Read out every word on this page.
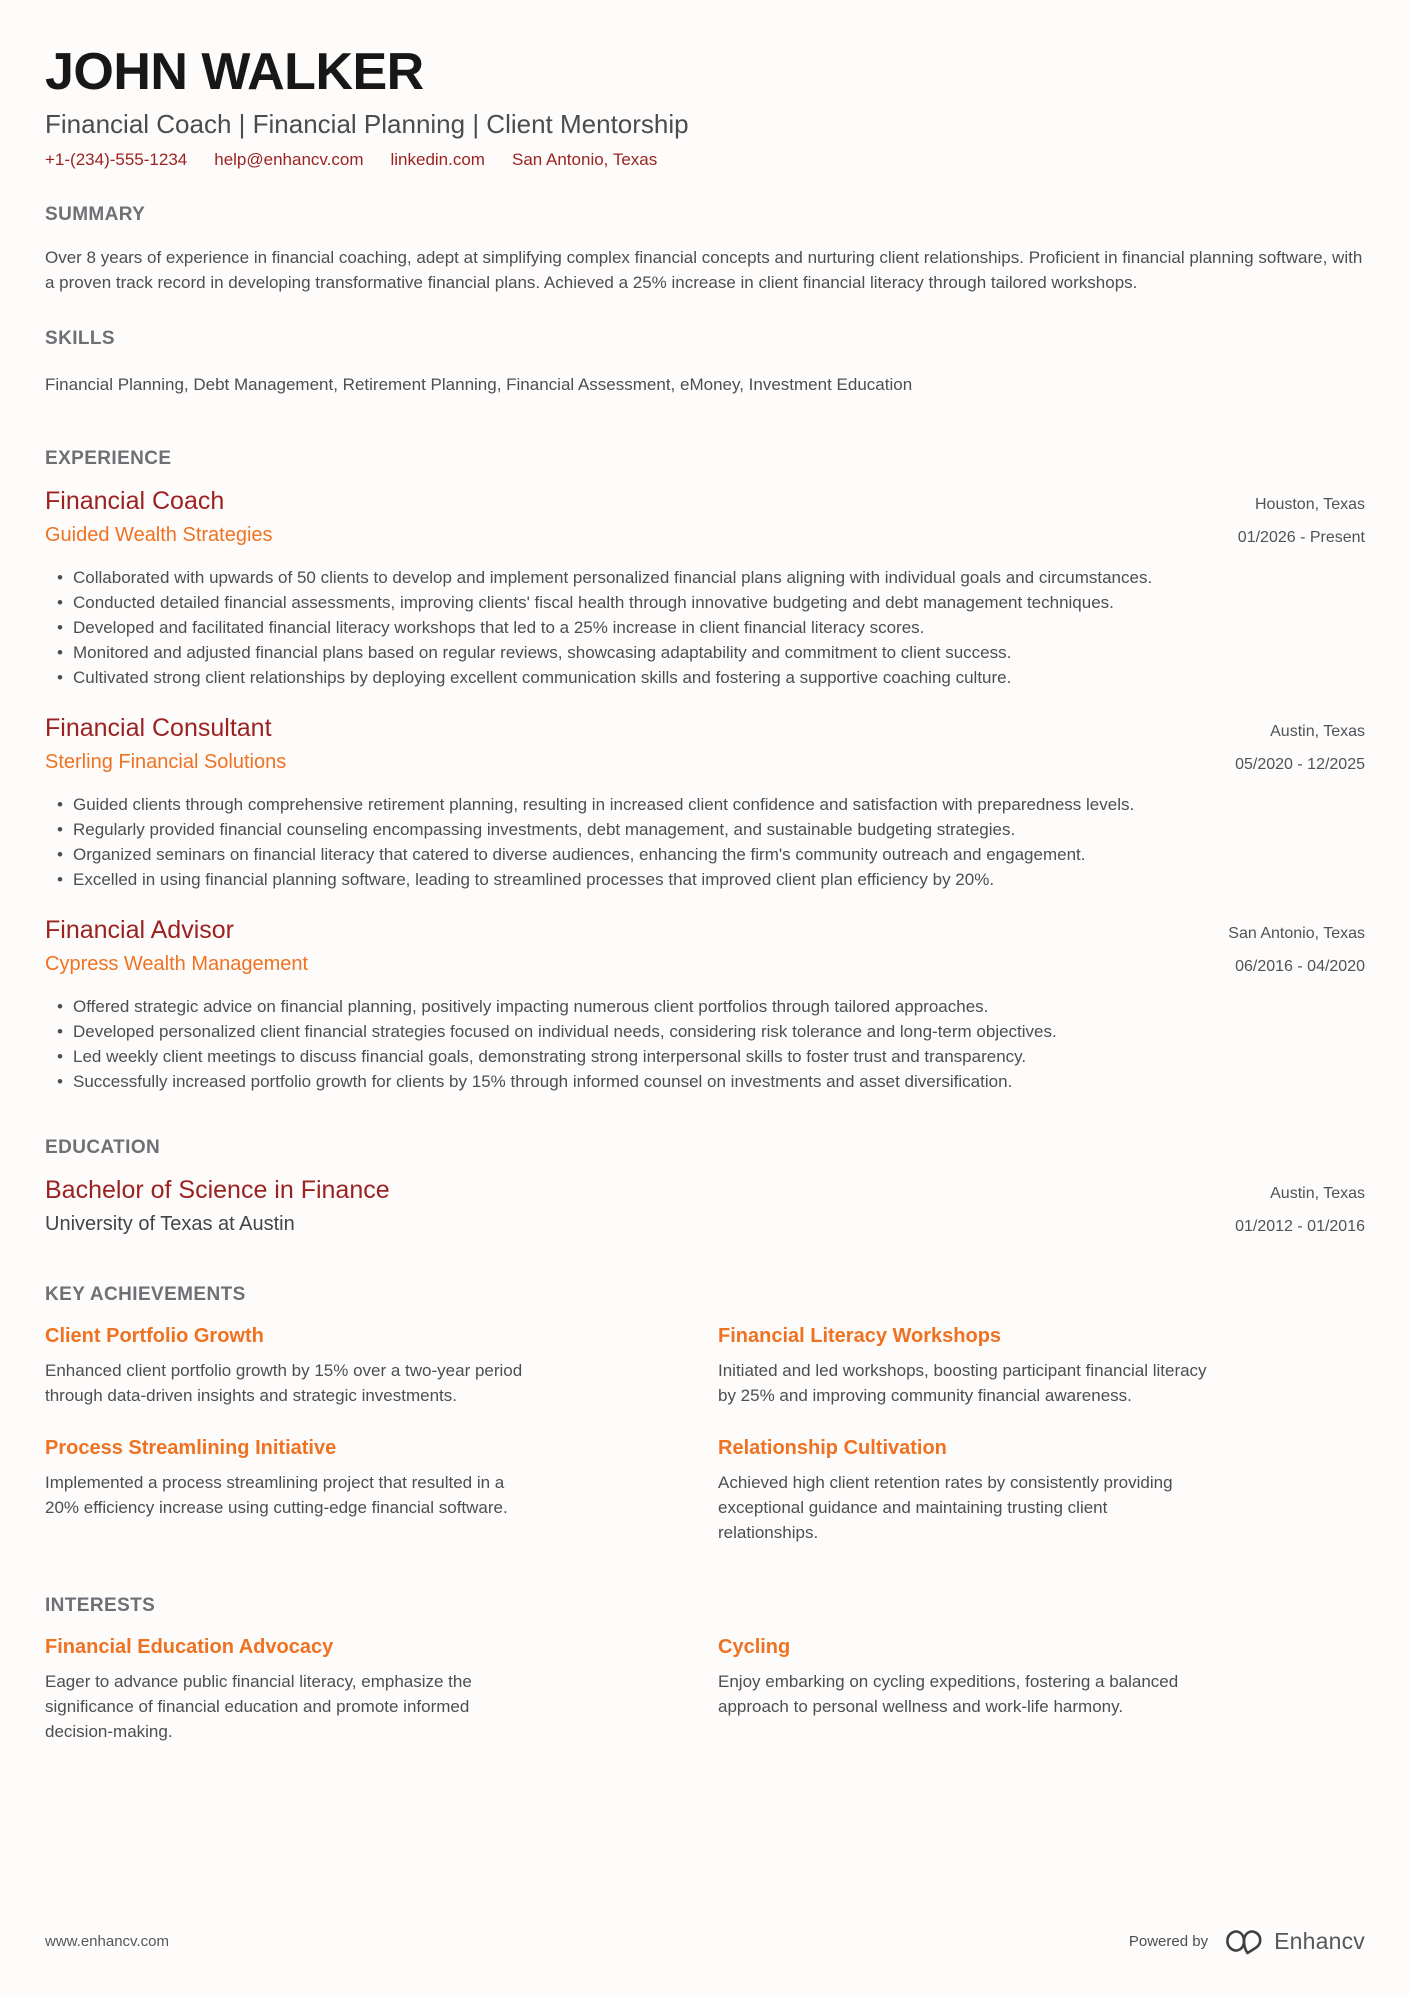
JOHN WALKER
Financial Coach | Financial Planning | Client Mentorship
+1-(234)-555-1234 help@enhancv.com linkedin.com San Antonio, Texas
SUMMARY
Over 8 years of experience in financial coaching, adept at simplifying complex financial concepts and nurturing client relationships. Proficient in financial planning software, with a proven track record in developing transformative financial plans. Achieved a 25% increase in client financial literacy through tailored workshops.
SKILLS
Financial Planning, Debt Management, Retirement Planning, Financial Assessment, eMoney, Investment Education
EXPERIENCE
Financial Coach
Guided Wealth Strategies
Houston, Texas
01/2026 - Present
• Collaborated with upwards of 50 clients to develop and implement personalized financial plans aligning with individual goals and circumstances.
• Conducted detailed financial assessments, improving clients' fiscal health through innovative budgeting and debt management techniques.
• Developed and facilitated financial literacy workshops that led to a 25% increase in client financial literacy scores.
• Monitored and adjusted financial plans based on regular reviews, showcasing adaptability and commitment to client success.
• Cultivated strong client relationships by deploying excellent communication skills and fostering a supportive coaching culture.
Financial Consultant
Sterling Financial Solutions
Austin, Texas
05/2020 - 12/2025
• Guided clients through comprehensive retirement planning, resulting in increased client confidence and satisfaction with preparedness levels.
• Regularly provided financial counseling encompassing investments, debt management, and sustainable budgeting strategies.
• Organized seminars on financial literacy that catered to diverse audiences, enhancing the firm's community outreach and engagement.
• Excelled in using financial planning software, leading to streamlined processes that improved client plan efficiency by 20%.
Financial Advisor
Cypress Wealth Management
San Antonio, Texas
06/2016 - 04/2020
• Offered strategic advice on financial planning, positively impacting numerous client portfolios through tailored approaches.
• Developed personalized client financial strategies focused on individual needs, considering risk tolerance and long-term objectives.
• Led weekly client meetings to discuss financial goals, demonstrating strong interpersonal skills to foster trust and transparency.
• Successfully increased portfolio growth for clients by 15% through informed counsel on investments and asset diversification.
EDUCATION
Bachelor of Science in Finance
University of Texas at Austin
Austin, Texas
01/2012 - 01/2016
KEY ACHIEVEMENTS
Client Portfolio Growth
Enhanced client portfolio growth by 15% over a two-year period through data-driven insights and strategic investments.
Financial Literacy Workshops
Initiated and led workshops, boosting participant financial literacy by 25% and improving community financial awareness.
Process Streamlining Initiative
Implemented a process streamlining project that resulted in a 20% efficiency increase using cutting-edge financial software.
Relationship Cultivation
Achieved high client retention rates by consistently providing exceptional guidance and maintaining trusting client relationships.
INTERESTS
Financial Education Advocacy
Eager to advance public financial literacy, emphasize the significance of financial education and promote informed decision-making.
Cycling
Enjoy embarking on cycling expeditions, fostering a balanced approach to personal wellness and work-life harmony.
www.enhancv.com	Powered by	Enhancv
